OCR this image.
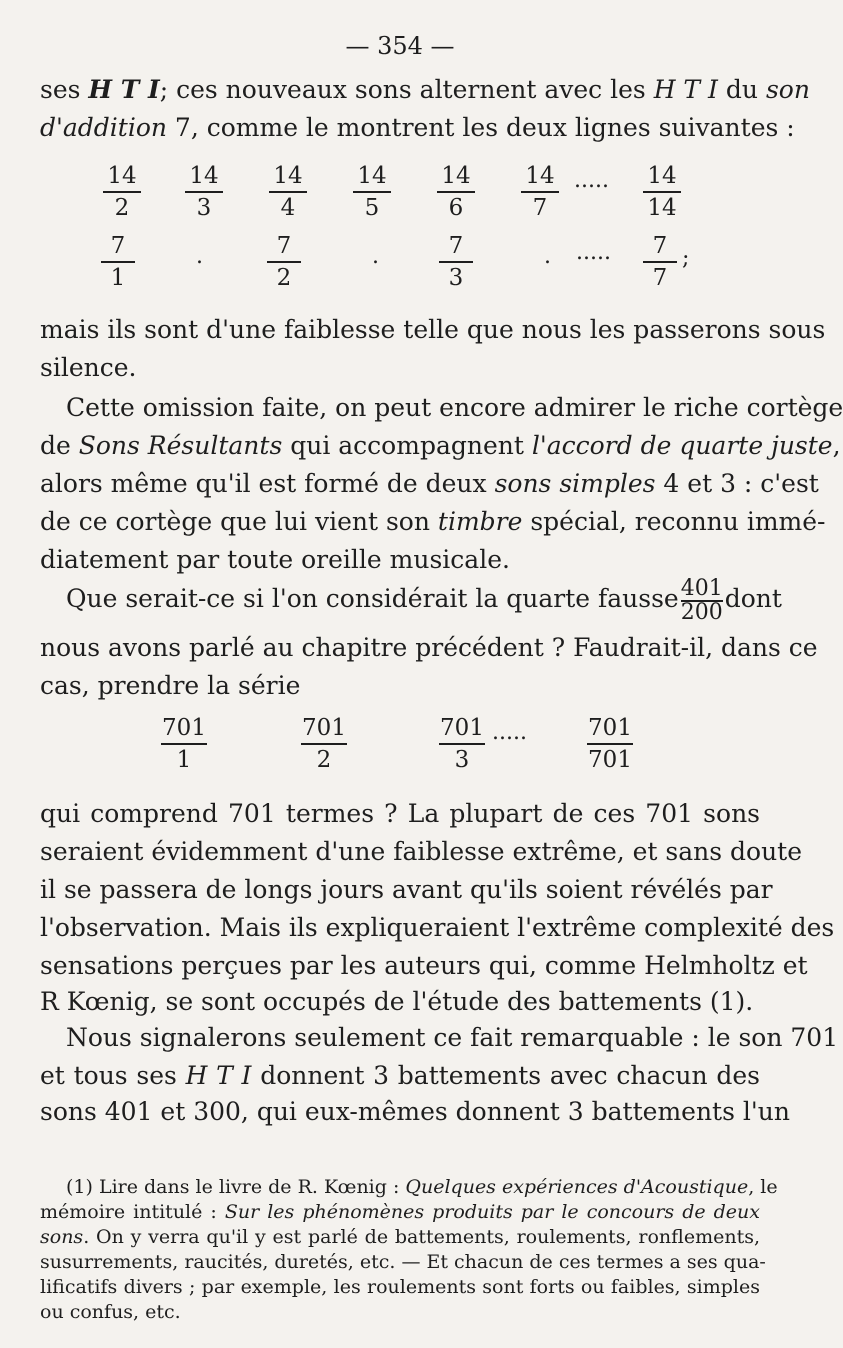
— 354 —
ses H T I; ces nouveaux sons alternent avec les H T I du son
d'addition 7, comme le montrent les deux lignes suivantes :
14
2
14
3
14
4
14
5
14
6
14
7
14
14
.....
7
1
7
2
7
3
7
7
.	.	. .....	;
mais ils sont d'une faiblesse telle que nous les passerons sous
silence.
Cette omission faite, on peut encore admirer le riche cortège
de Sons Résultants qui accompagnent l'accord de quarte juste,
alors même qu'il est formé de deux sons simples 4 et 3 : c'est
de ce cortège que lui vient son timbre spécial, reconnu immé-
diatement par toute oreille musicale.
Que serait-ce si l'on considérait la quarte fausse $\frac{401}{200}$ dont
nous avons parlé au chapitre précédent ? Faudrait-il, dans ce
cas, prendre la série
701
1
701
2
701
3
701
701
.....
qui comprend 701 termes ? La plupart de ces 701 sons
seraient évidemment d'une faiblesse extrême, et sans doute
il se passera de longs jours avant qu'ils soient révélés par
l'observation. Mais ils expliqueraient l'extrême complexité des
sensations perçues par les auteurs qui, comme Helmholtz et
R Kœnig, se sont occupés de l'étude des battements (1).
Nous signalerons seulement ce fait remarquable : le son 701
et tous ses H T I donnent 3 battements avec chacun des
sons 401 et 300, qui eux-mêmes donnent 3 battements l'un
(1) Lire dans le livre de R. Kœnig : Quelques expériences d'Acoustique, le
mémoire intitulé : Sur les phénomènes produits par le concours de deux
sons. On y verra qu'il y est parlé de battements, roulements, ronflements,
susurrements, raucités, duretés, etc. — Et chacun de ces termes a ses qua-
lificatifs divers ; par exemple, les roulements sont forts ou faibles, simples
ou confus, etc.
